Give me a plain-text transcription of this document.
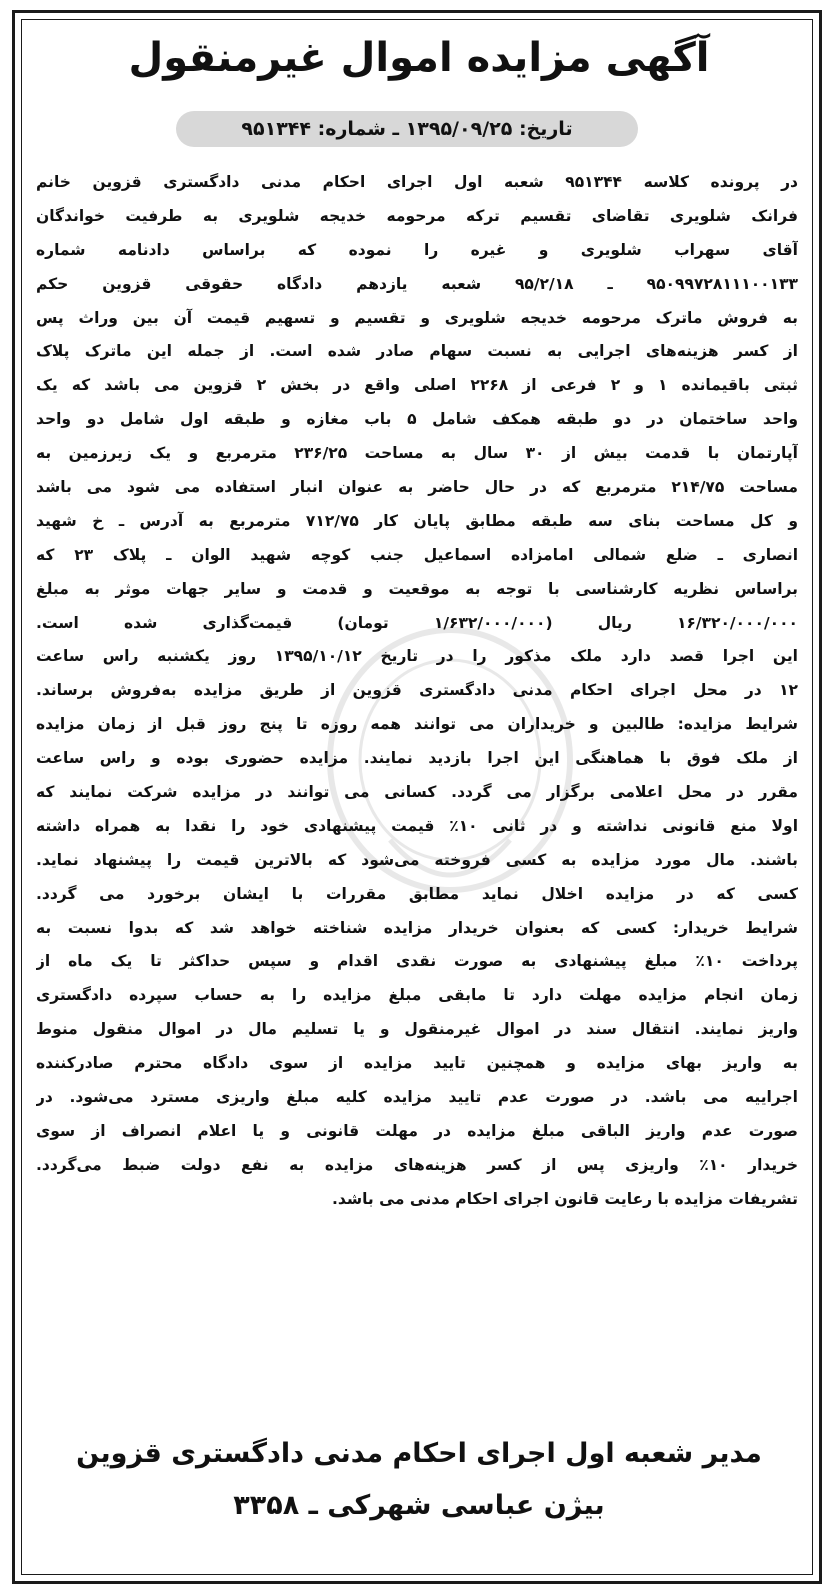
آگهی مزایده اموال غیرمنقول
تاریخ: ۱۳۹۵/۰۹/۲۵ ـ شماره: ۹۵۱۳۴۴
در پرونده کلاسه ۹۵۱۳۴۴ شعبه اول اجرای احکام مدنی دادگستری قزوین خانم
فرانک شلویری تقاضای تقسیم ترکه مرحومه خدیجه شلویری به طرفیت خواندگان
آقای سهراب شلویری و غیره را نموده که براساس دادنامه شماره
۹۵۰۹۹۷۲۸۱۱۱۰۰۱۳۳ ـ ۹۵/۲/۱۸ شعبه یازدهم دادگاه حقوقی قزوین حکم
به فروش ماترک مرحومه خدیجه شلویری و تقسیم و تسهیم قیمت آن بین وراث پس
از کسر هزینه‌های اجرایی به نسبت سهام صادر شده است. از جمله این ماترک پلاک
ثبتی باقیمانده ۱ و ۲ فرعی از ۲۲۶۸ اصلی واقع در بخش ۲ قزوین می باشد که یک
واحد ساختمان در دو طبقه همکف شامل ۵ باب مغازه و طبقه اول شامل دو واحد
آپارتمان با قدمت بیش از ۳۰ سال به مساحت ۲۳۶/۲۵ مترمربع و یک زیرزمین به
مساحت ۲۱۴/۷۵ مترمربع که در حال حاضر به عنوان انبار استفاده می شود می باشد
و کل مساحت بنای سه طبقه مطابق پایان کار ۷۱۲/۷۵ مترمربع به آدرس ـ خ شهید
انصاری ـ ضلع شمالی امامزاده اسماعیل جنب کوچه شهید الوان ـ پلاک ۲۳ که
براساس نظریه کارشناسی با توجه به موقعیت و قدمت و سایر جهات موثر به مبلغ
۱۶/۳۲۰/۰۰۰/۰۰۰ ریال (۱/۶۳۲/۰۰۰/۰۰۰ تومان) قیمت‌گذاری شده است.
این اجرا قصد دارد ملک مذکور را در تاریخ ۱۳۹۵/۱۰/۱۲ روز یکشنبه راس ساعت
۱۲ در محل اجرای احکام مدنی دادگستری قزوین از طریق مزایده به‌فروش برساند.
شرایط مزایده: طالبین و خریداران می توانند همه روزه تا پنج روز قبل از زمان مزایده
از ملک فوق با هماهنگی این اجرا بازدید نمایند. مزایده حضوری بوده و راس ساعت
مقرر در محل اعلامی برگزار می گردد. کسانی می توانند در مزایده شرکت نمایند که
اولا منع قانونی نداشته و در ثانی ۱۰٪ قیمت پیشنهادی خود را نقدا به همراه داشته
باشند. مال مورد مزایده به کسی فروخته می‌شود که بالاترین قیمت را پیشنهاد نماید.
کسی که در مزایده اخلال نماید مطابق مقررات با ایشان برخورد می گردد.
شرایط خریدار: کسی که بعنوان خریدار مزایده شناخته خواهد شد که بدوا نسبت به
پرداخت ۱۰٪ مبلغ پیشنهادی به صورت نقدی اقدام و سپس حداکثر تا یک ماه از
زمان انجام مزایده مهلت دارد تا مابقی مبلغ مزایده را به حساب سپرده دادگستری
واریز نمایند. انتقال سند در اموال غیرمنقول و یا تسلیم مال در اموال منقول منوط
به واریز بهای مزایده و همچنین تایید مزایده از سوی دادگاه محترم صادرکننده
اجراییه می باشد. در صورت عدم تایید مزایده کلیه مبلغ واریزی مسترد می‌شود. در
صورت عدم واریز الباقی مبلغ مزایده در مهلت قانونی و یا اعلام انصراف از سوی
خریدار ۱۰٪ واریزی پس از کسر هزینه‌های مزایده به نفع دولت ضبط می‌گردد.
تشریفات مزایده با رعایت قانون اجرای احکام مدنی می باشد.
مدیر شعبه اول اجرای احکام مدنی دادگستری قزوین
بیژن عباسی شهرکی ـ ۳۳۵۸
